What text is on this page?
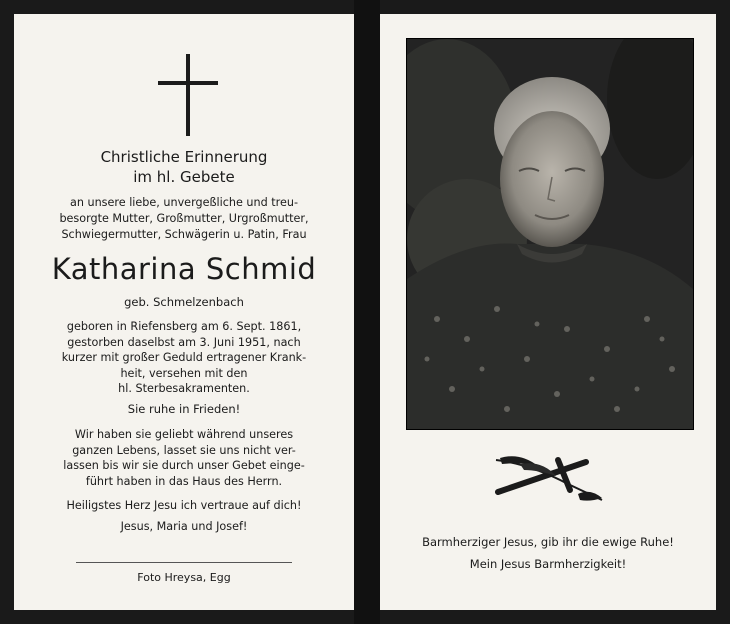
Christliche Erinnerung
im hl. Gebete

an unsere liebe, unvergeßliche und treu-

besorgte Mutter, Großmutter, Urgroßmutter,

Schwiegermutter, Schwägerin u. Patin, Frau

Katharina Schmid
geb. Schmelzenbach

geboren in Riefensberg am 6. Sept. 1861,

gestorben daselbst am 3. Juni 1951, nach

kurzer mit großer Geduld ertragener Krank-

heit, versehen mit den

hl. Sterbesakramenten.

Sie ruhe in Frieden!

Wir haben sie geliebt während unseres

ganzen Lebens, lasset sie uns nicht ver-

lassen bis wir sie durch unser Gebet einge-

führt haben in das Haus des Herrn.

Heiligstes Herz Jesu ich vertraue auf dich!
Jesus, Maria und Josef!
Foto Hreysa, Egg
Barmherziger Jesus, gib ihr die ewige Ruhe!
Mein Jesus Barmherzigkeit!
